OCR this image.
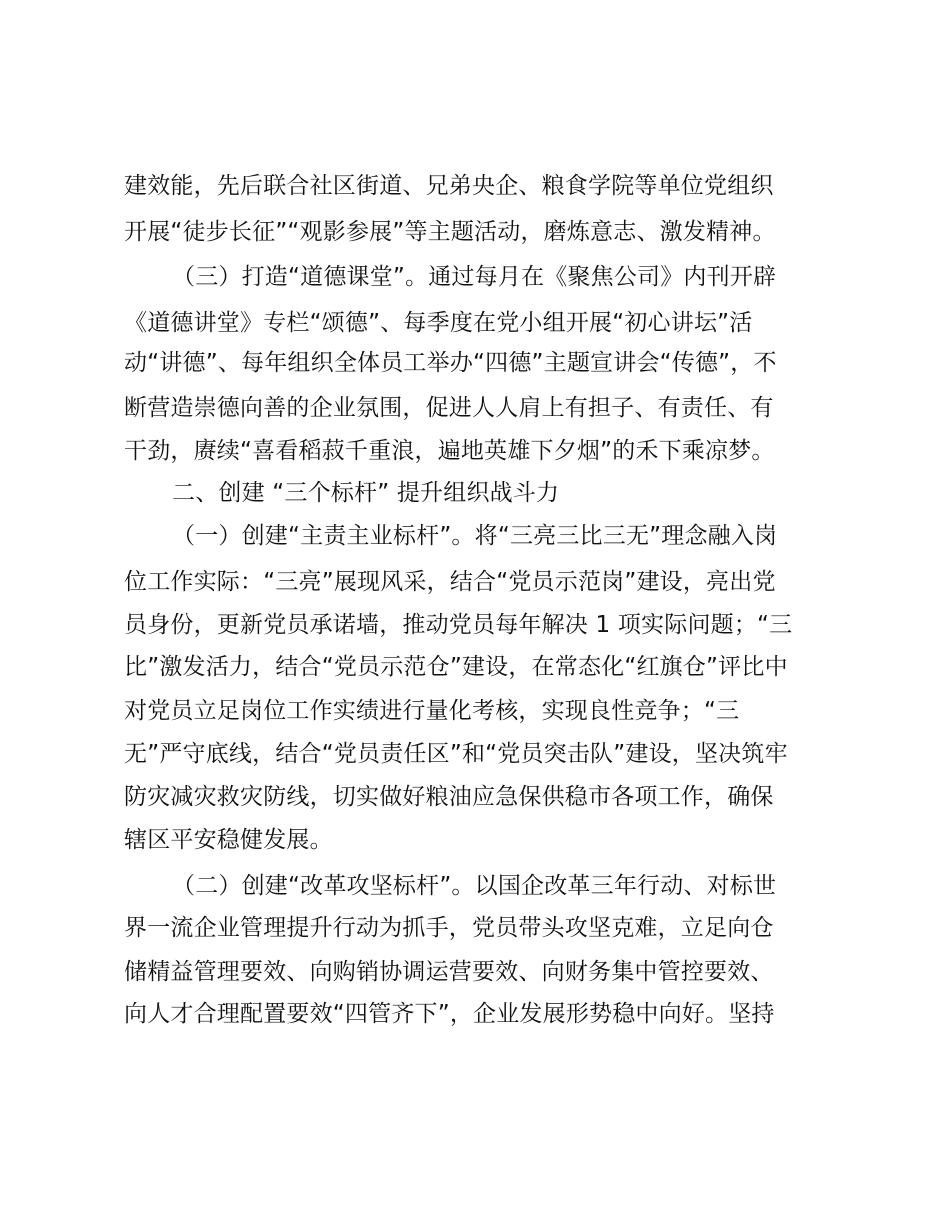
建效能，先后联合社区街道、兄弟央企、粮食学院等单位党组织
开展“徒步长征”“观影参展”等主题活动，磨炼意志、激发精神。
（三）打造“道德课堂”。通过每月在《聚焦公司》内刊开辟
《道德讲堂》专栏“颂德”、每季度在党小组开展“初心讲坛”活
动“讲德”、每年组织全体员工举办“四德”主题宣讲会“传德”，不
断营造崇德向善的企业氛围，促进人人肩上有担子、有责任、有
干劲，赓续“喜看稻菽千重浪，遍地英雄下夕烟”的禾下乘凉梦。
二、创建 “三个标杆” 提升组织战斗力
（一）创建“主责主业标杆”。将“三亮三比三无”理念融入岗
位工作实际：“三亮”展现风采，结合“党员示范岗”建设，亮出党
员身份，更新党员承诺墙，推动党员每年解决 1 项实际问题；“三
比”激发活力，结合“党员示范仓”建设，在常态化“红旗仓”评比中
对党员立足岗位工作实绩进行量化考核，实现良性竞争；“三
无”严守底线，结合“党员责任区”和“党员突击队”建设，坚决筑牢
防灾减灾救灾防线，切实做好粮油应急保供稳市各项工作，确保
辖区平安稳健发展。
（二）创建“改革攻坚标杆”。以国企改革三年行动、对标世
界一流企业管理提升行动为抓手，党员带头攻坚克难，立足向仓
储精益管理要效、向购销协调运营要效、向财务集中管控要效、
向人才合理配置要效“四管齐下”，企业发展形势稳中向好。坚持
